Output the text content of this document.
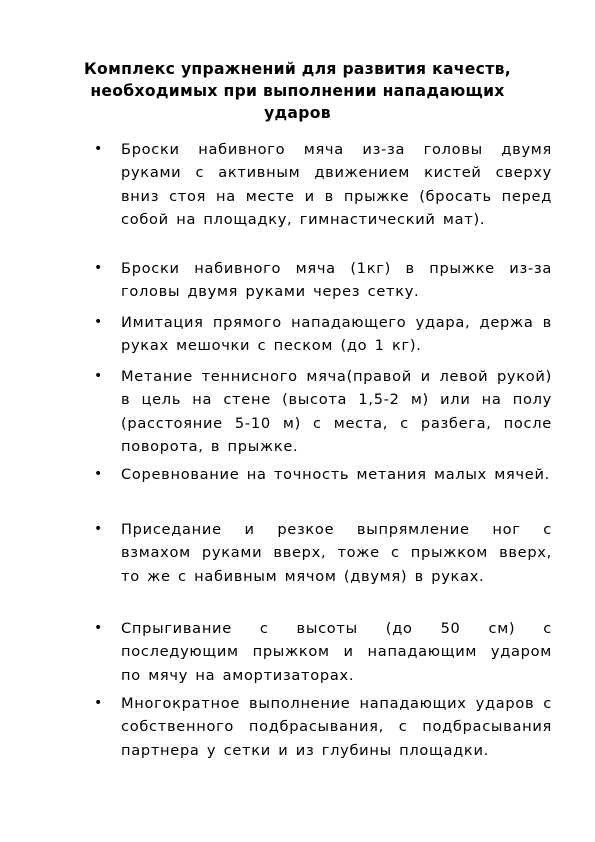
Комплекс упражнений для развития качеств, необходимых при выполнении нападающих ударов
•	Броски набивного мяча из-за головы двумя руками с активным движением кистей сверху вниз стоя на месте и в прыжке (бросать перед собой на площадку, гимнастический мат).
•	Броски набивного мяча (1кг) в прыжке из-за головы двумя руками через сетку.
•	Имитация прямого нападающего удара, держа в руках мешочки с песком (до 1 кг).
•	Метание теннисного мяча(правой и левой рукой) в цель на стене (высота 1,5-2 м) или на полу (расстояние 5-10 м) с места, с разбега, после поворота, в прыжке.
•	Соревнование на точность метания малых мячей.
•	Приседание и резкое выпрямление ног с взмахом руками вверх, тоже с прыжком вверх, то же с набивным мячом (двумя) в руках.
•	Спрыгивание с высоты (до 50 см) с последующим прыжком и нападающим ударом по мячу на амортизаторах.
•	Многократное выполнение нападающих ударов с собственного подбрасывания, с подбрасывания партнера у сетки и из глубины площадки.
